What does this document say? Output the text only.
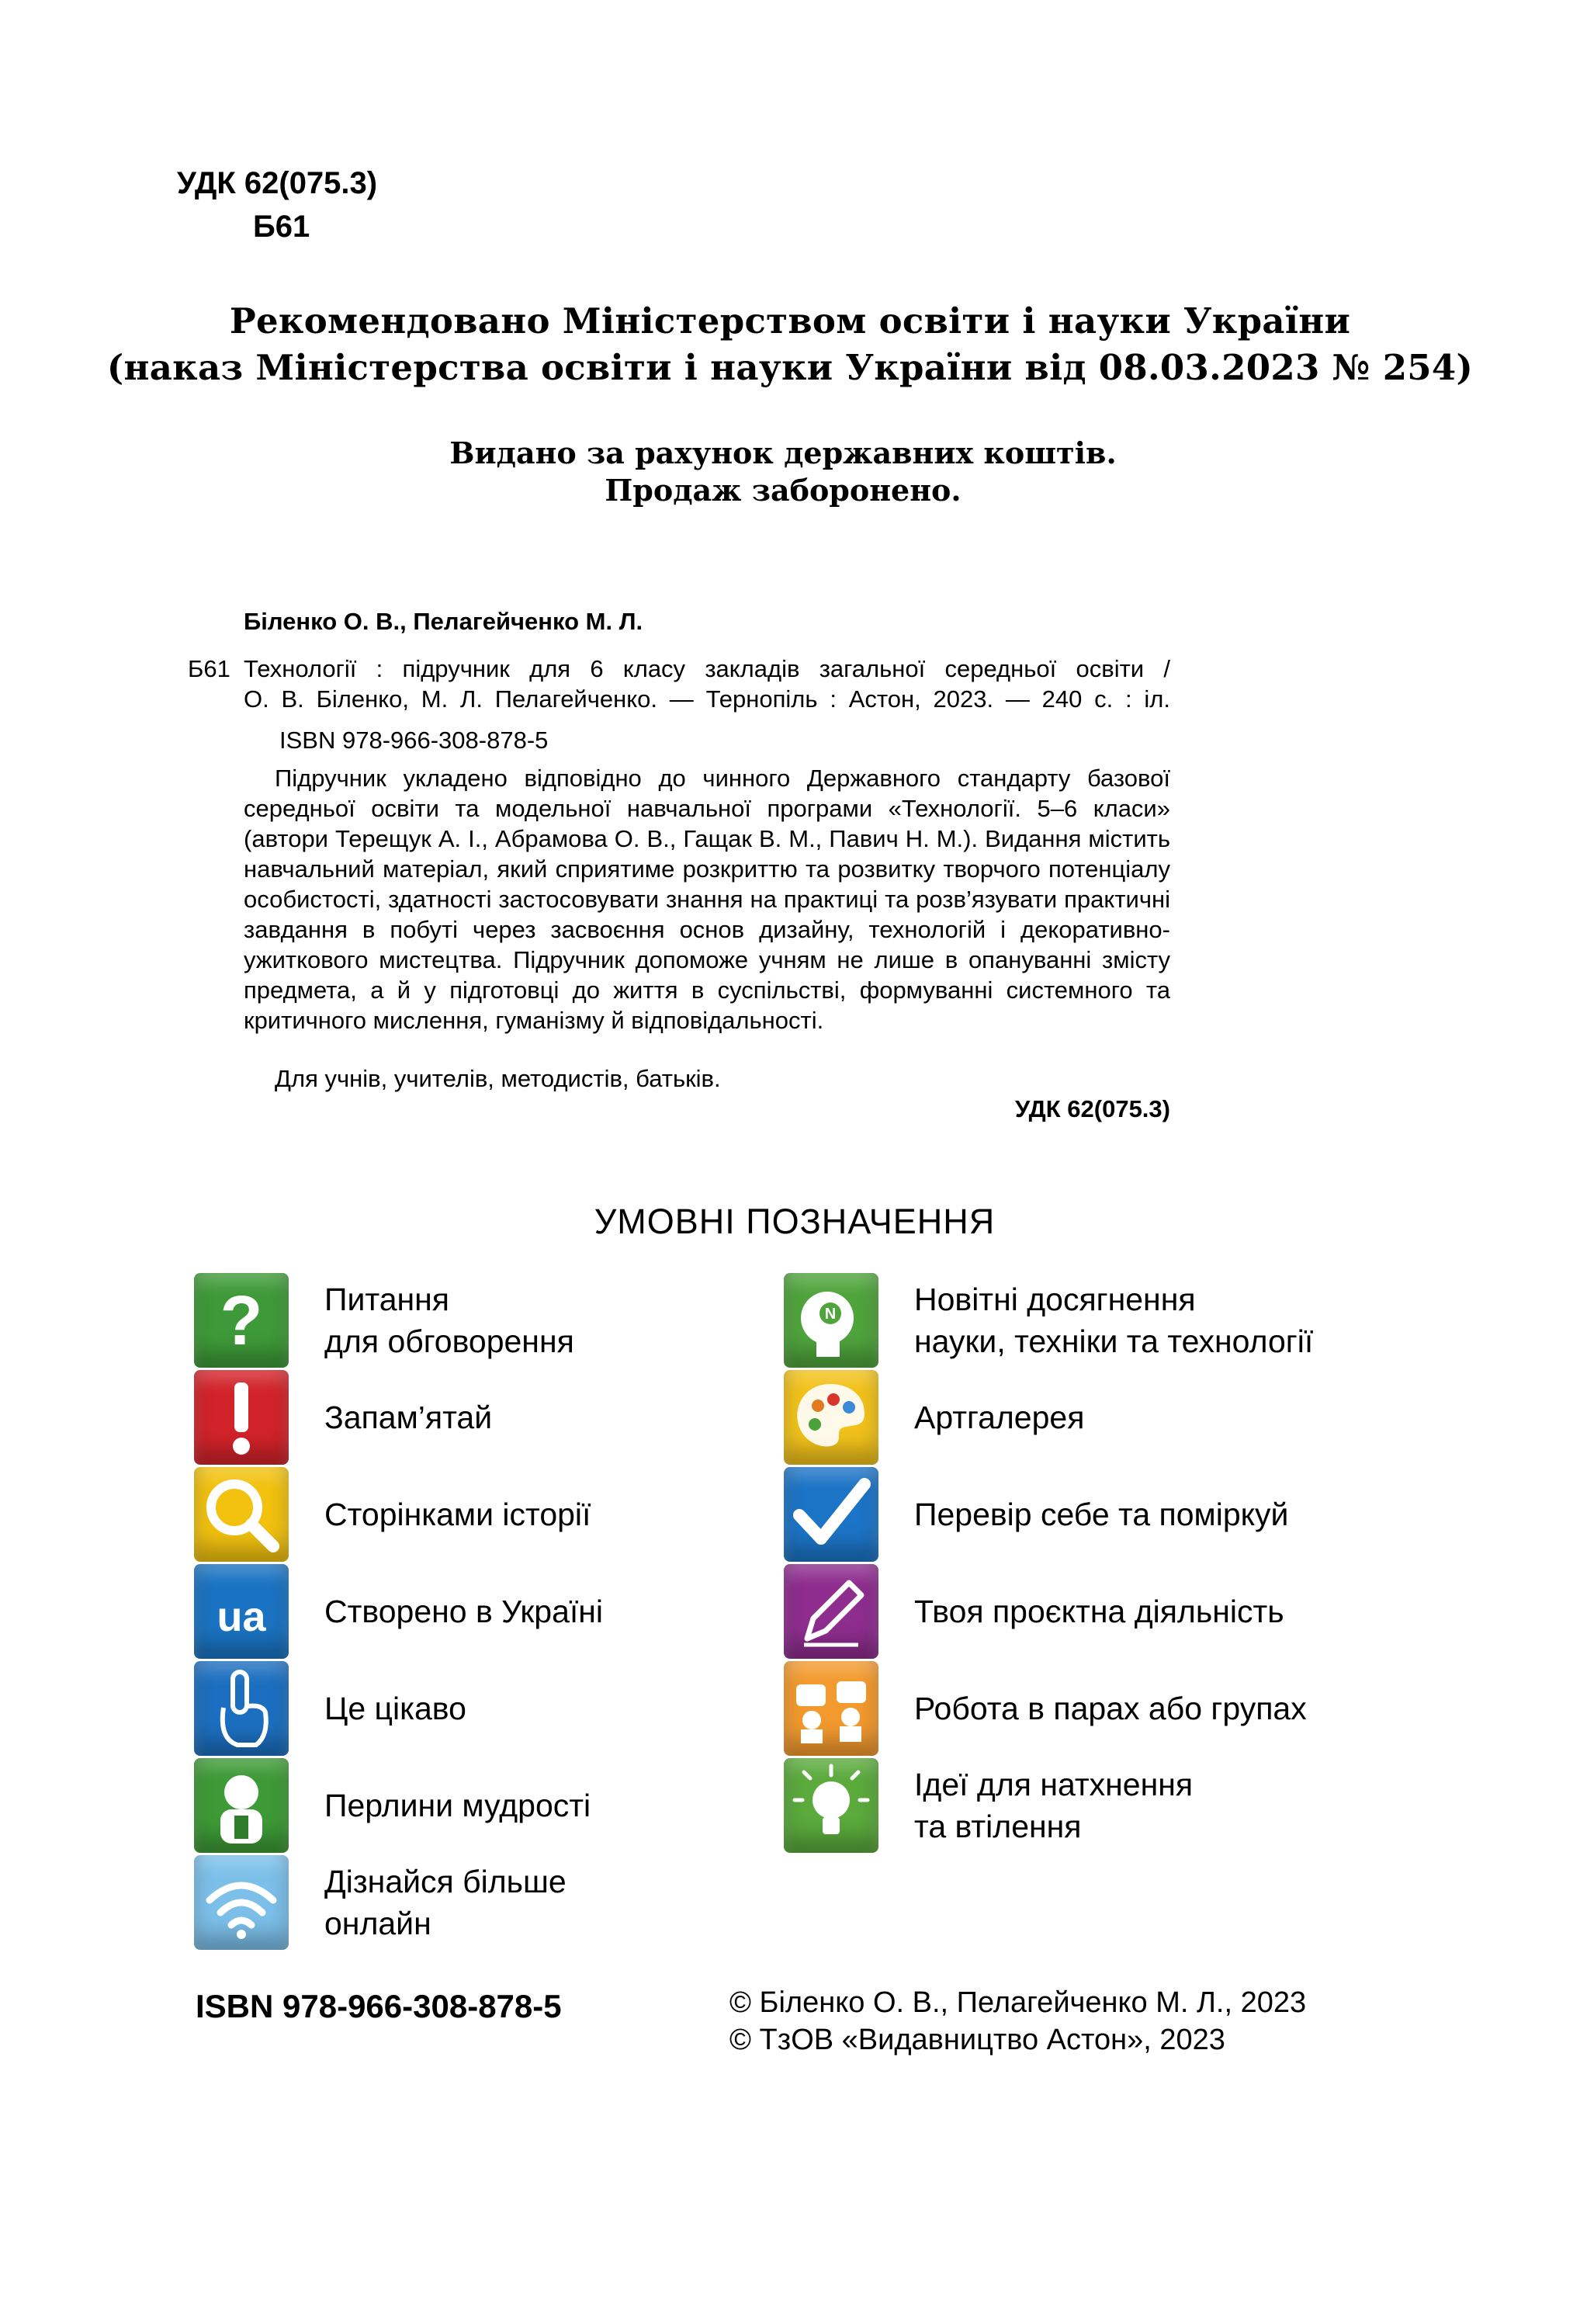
УДК 62(075.3)
Б61
Рекомендовано Міністерством освіти і науки України
(наказ Міністерства освіти і науки України від 08.03.2023 № 254)
Видано за рахунок державних коштів.
Продаж заборонено.
Біленко О. В., Пелагейченко М. Л.
Б61 Технології : підручник для 6 класу закладів загальної середньої освіти /
О. В. Біленко, М. Л. Пелагейченко. — Тернопіль : Астон, 2023. — 240 с. : іл.
ISBN 978-966-308-878-5

Підручник укладено відповідно до чинного Державного стандарту базової середньої освіти та модельної навчальної програми «Технології. 5–6 класи» (автори Терещук А. І., Абрамова О. В., Гащак В. М., Павич Н. М.). Видання містить навчальний матеріал, який сприятиме розкриттю та розвитку творчого потенціалу особистості, здатності застосовувати знання на практиці та розв’язувати практичні завдання в побуті через засвоєння основ дизайну, технологій і декоративно-ужиткового мистецтва. Підручник допоможе учням не лише в опануванні змісту предмета, а й у підготовці до життя в суспільстві, формуванні системного та критичного мислення, гуманізму й відповідальності.

Для учнів, учителів, методистів, батьків.
УДК 62(075.3)
УМОВНІ ПОЗНАЧЕННЯ
? Питання
для обговорення
Запам’ятай
Сторінками історії
ua Створено в Україні
Це цікаво
Перлини мудрості
Дізнайся більше
онлайн
N Новітні досягнення
науки, техніки та технології
Артгалерея
Перевір себе та поміркуй
Твоя проєктна діяльність
Робота в парах або групах
Ідеї для натхнення
та втілення
ISBN 978-966-308-878-5	© Біленко О. В., Пелагейченко М. Л., 2023
© ТзОВ «Видавництво Астон», 2023
